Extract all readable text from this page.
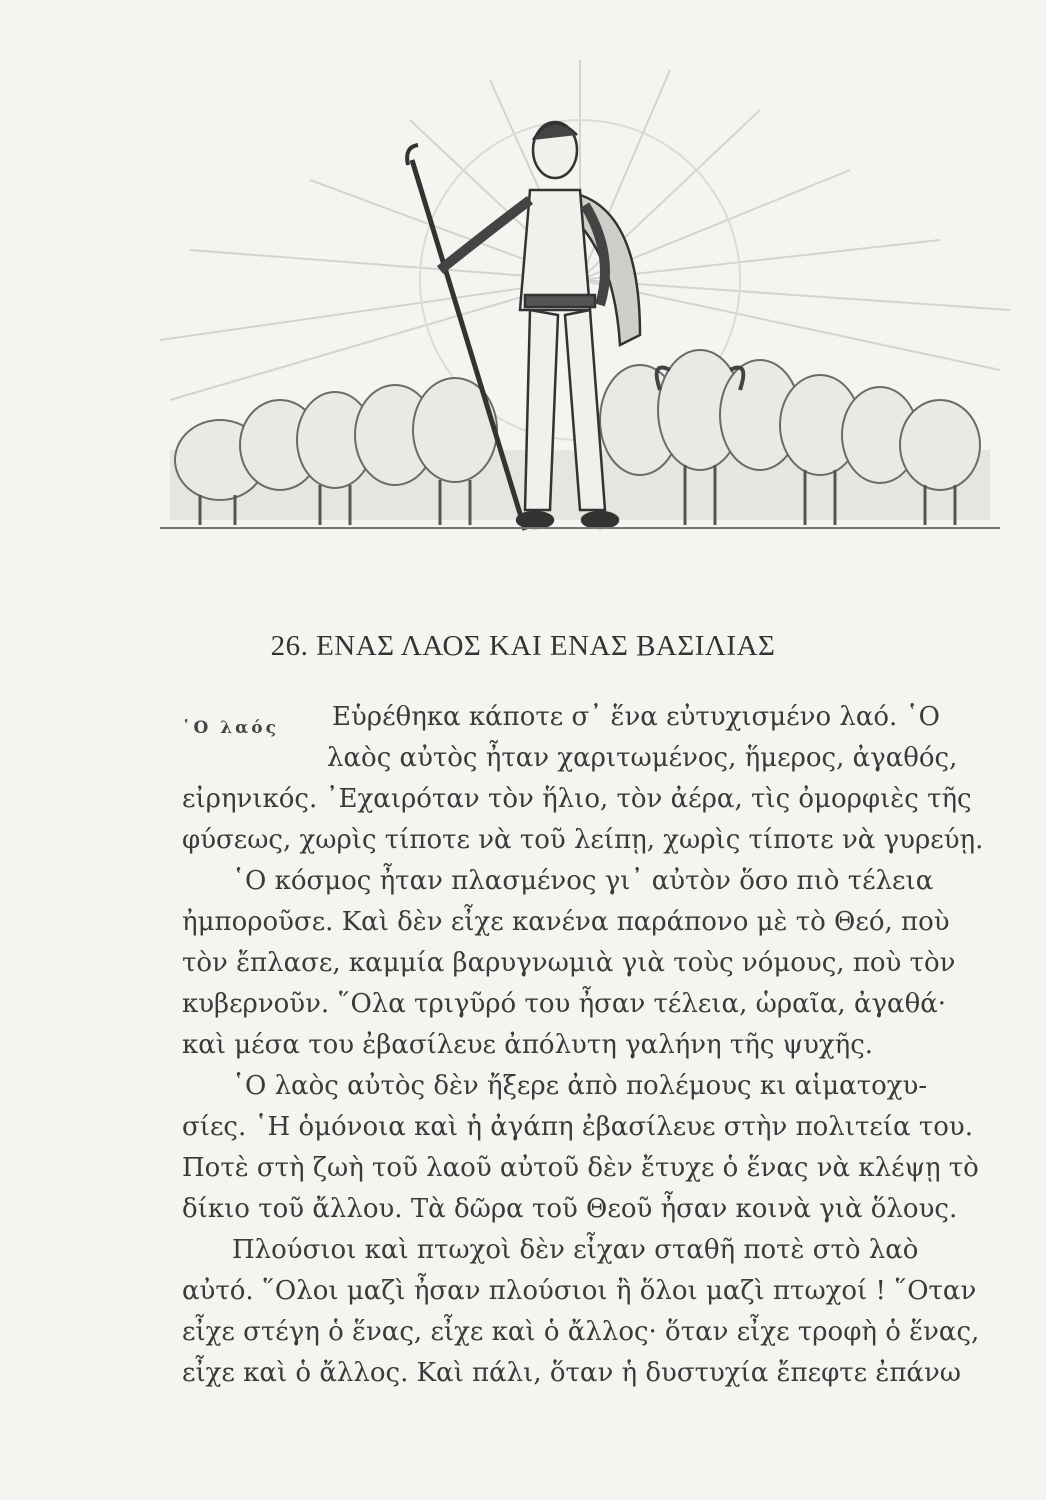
26. ΕΝΑΣ ΛΑΟΣ ΚΑΙ ΕΝΑΣ ΒΑΣΙΛΙΑΣ
῾Ο λαός Εὑρέθηκα κάποτε σ᾽ ἕνα εὐτυχισμένο λαό. ῾Ο
λαὸς αὐτὸς ἦταν χαριτωμένος, ἥμερος, ἀγαθός,
εἰρηνικός. ᾿Εχαιρόταν τὸν ἥλιο, τὸν ἀέρα, τὶς ὀμορφιὲς τῆς
φύσεως, χωρὶς τίποτε νὰ τοῦ λείπῃ, χωρὶς τίποτε νὰ γυρεύῃ.
῾Ο κόσμος ἦταν πλασμένος γι᾽ αὐτὸν ὅσο πιὸ τέλεια
ἠμποροῦσε. Καὶ δὲν εἶχε κανένα παράπονο μὲ τὸ Θεό, ποὺ
τὸν ἔπλασε, καμμία βαρυγνωμιὰ γιὰ τοὺς νόμους, ποὺ τὸν
κυβερνοῦν. ῞Ολα τριγῦρό του ἦσαν τέλεια, ὡραῖα, ἀγαθά·
καὶ μέσα του ἐβασίλευε ἀπόλυτη γαλήνη τῆς ψυχῆς.
῾Ο λαὸς αὐτὸς δὲν ἤξερε ἀπὸ πολέμους κι αἱματοχυ-
σίες. ῾Η ὁμόνοια καὶ ἡ ἀγάπη ἐβασίλευε στὴν πολιτεία του.
Ποτὲ στὴ ζωὴ τοῦ λαοῦ αὐτοῦ δὲν ἔτυχε ὁ ἕνας νὰ κλέψῃ τὸ
δίκιο τοῦ ἄλλου. Τὰ δῶρα τοῦ Θεοῦ ἦσαν κοινὰ γιὰ ὅλους.
Πλούσιοι καὶ πτωχοὶ δὲν εἶχαν σταθῆ ποτὲ στὸ λαὸ
αὐτό. ῞Ολοι μαζὶ ἦσαν πλούσιοι ἢ ὅλοι μαζὶ πτωχοί ! ῞Οταν
εἶχε στέγη ὁ ἕνας, εἶχε καὶ ὁ ἄλλος· ὅταν εἶχε τροφὴ ὁ ἕνας,
εἶχε καὶ ὁ ἄλλος. Καὶ πάλι, ὅταν ἡ δυστυχία ἔπεφτε ἐπάνω
